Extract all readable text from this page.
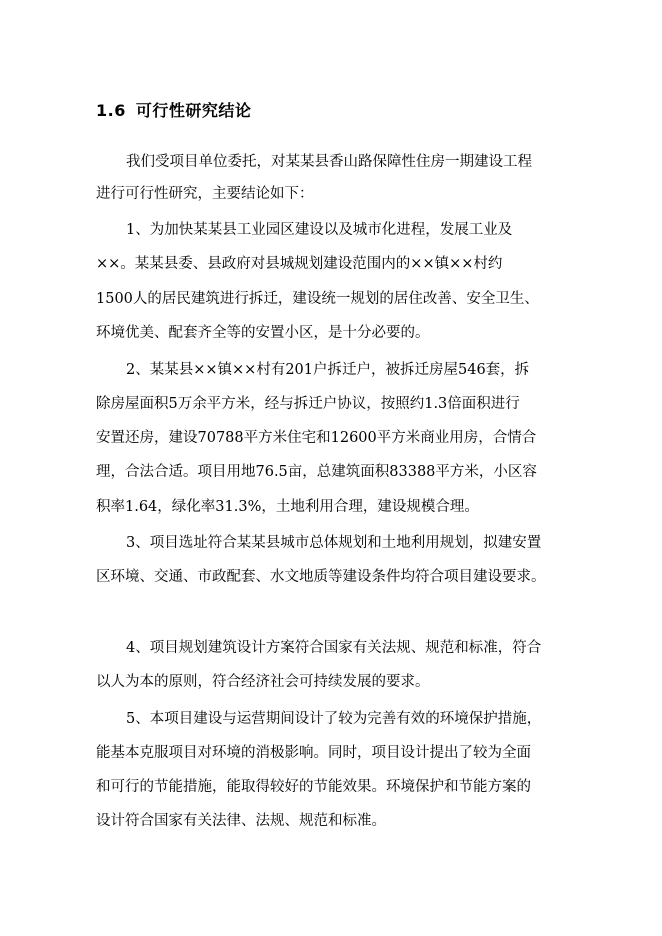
1.6 可行性研究结论
我们受项目单位委托，对某某县香山路保障性住房一期建设工程
进行可行性研究，主要结论如下：
1、为加快某某县工业园区建设以及城市化进程，发展工业及
××。某某县委、县政府对县城规划建设范围内的××镇××村约
1500人的居民建筑进行拆迁，建设统一规划的居住改善、安全卫生、
环境优美、配套齐全等的安置小区，是十分必要的。
2、某某县××镇××村有201户拆迁户，被拆迁房屋546套，拆
除房屋面积5万余平方米，经与拆迁户协议，按照约1.3倍面积进行
安置还房，建设70788平方米住宅和12600平方米商业用房，合情合
理，合法合适。项目用地76.5亩，总建筑面积83388平方米，小区容
积率1.64，绿化率31.3%，土地利用合理，建设规模合理。
3、项目选址符合某某县城市总体规划和土地利用规划，拟建安置
区环境、交通、市政配套、水文地质等建设条件均符合项目建设要求。
4、项目规划建筑设计方案符合国家有关法规、规范和标准，符合
以人为本的原则，符合经济社会可持续发展的要求。
5、本项目建设与运营期间设计了较为完善有效的环境保护措施，
能基本克服项目对环境的消极影响。同时，项目设计提出了较为全面
和可行的节能措施，能取得较好的节能效果。环境保护和节能方案的
设计符合国家有关法律、法规、规范和标准。
